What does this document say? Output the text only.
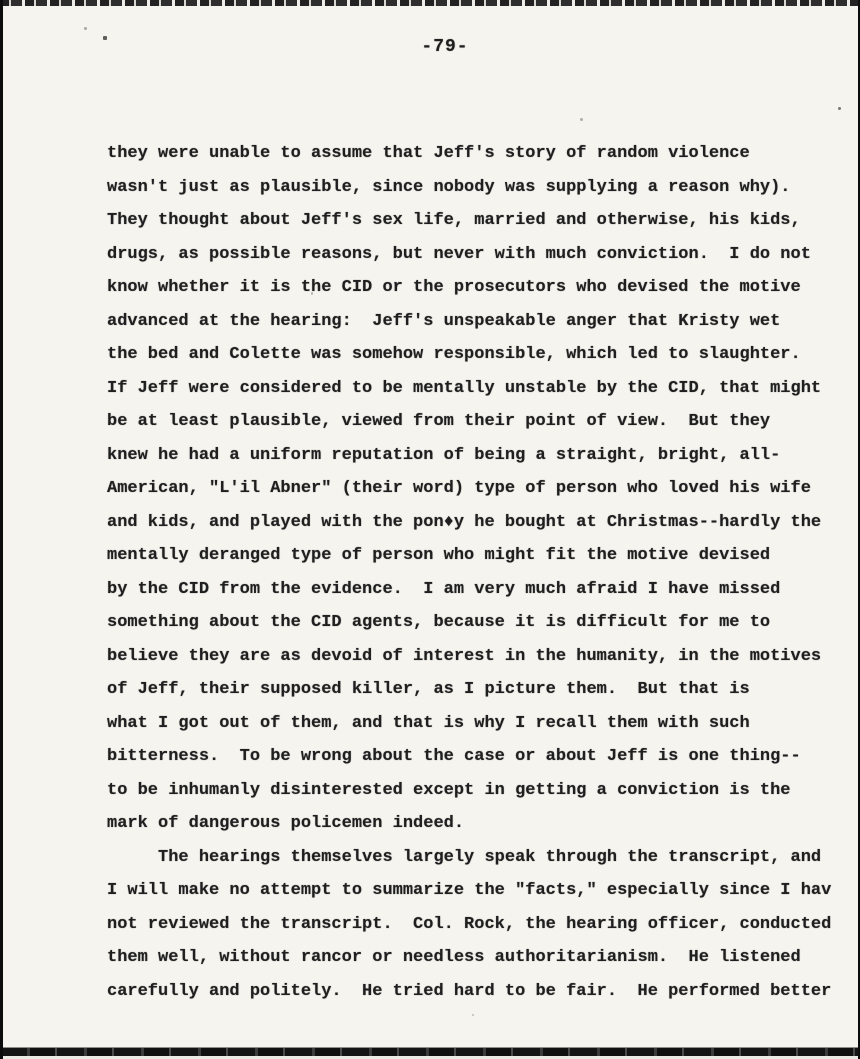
-79-
they were unable to assume that Jeff's story of random violence
wasn't just as plausible, since nobody was supplying a reason why).
They thought about Jeff's sex life, married and otherwise, his kids,
drugs, as possible reasons, but never with much conviction.  I do not
know whether it is the CID or the prosecutors who devised the motive
advanced at the hearing:  Jeff's unspeakable anger that Kristy wet
the bed and Colette was somehow responsible, which led to slaughter.
If Jeff were considered to be mentally unstable by the CID, that might
be at least plausible, viewed from their point of view.  But they
knew he had a uniform reputation of being a straight, bright, all-
American, "L'il Abner" (their word) type of person who loved his wife
and kids, and played with the pon♦y he bought at Christmas--hardly the
mentally deranged type of person who might fit the motive devised
by the CID from the evidence.  I am very much afraid I have missed
something about the CID agents, because it is difficult for me to
believe they are as devoid of interest in the humanity, in the motives
of Jeff, their supposed killer, as I picture them.  But that is
what I got out of them, and that is why I recall them with such
bitterness.  To be wrong about the case or about Jeff is one thing--
to be inhumanly disinterested except in getting a conviction is the
mark of dangerous policemen indeed.
The hearings themselves largely speak through the transcript, and
I will make no attempt to summarize the "facts," especially since I hav
not reviewed the transcript.  Col. Rock, the hearing officer, conducted
them well, without rancor or needless authoritarianism.  He listened
carefully and politely.  He tried hard to be fair.  He performed better
